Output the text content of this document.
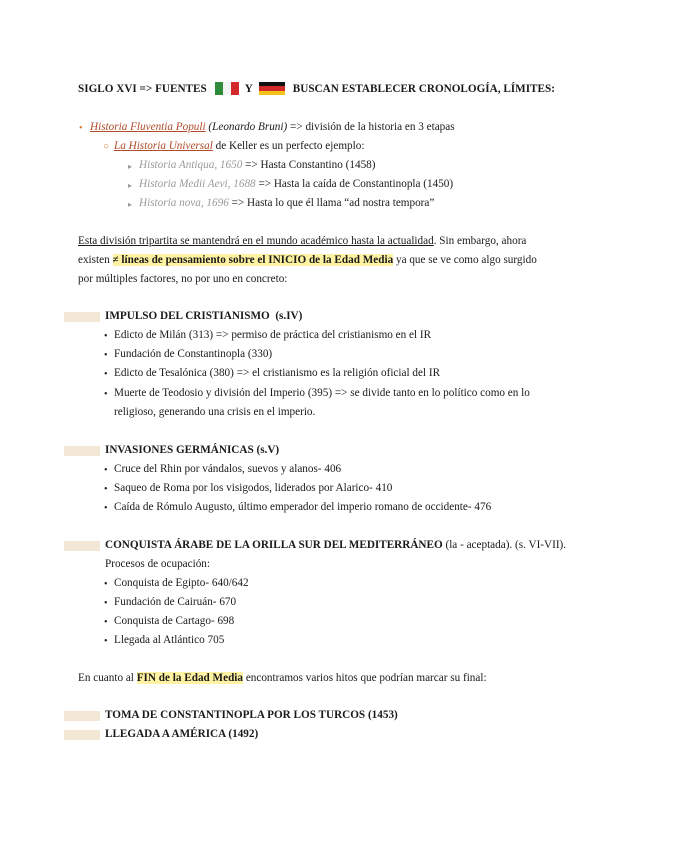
SIGLO XVI => FUENTES	Y	BUSCAN ESTABLECER CRONOLOGÍA, LÍMITES:
• Historia Fluventia Populi (Leonardo Bruni) => división de la historia en 3 etapas
○ La Historia Universal de Keller es un perfecto ejemplo:
▸ Historia Antiqua, 1650 => Hasta Constantino (1458)
▸ Historia Medii Aevi, 1688 => Hasta la caída de Constantinopla (1450)
▸ Historia nova, 1696 => Hasta lo que él llama “ad nostra tempora”
Esta división tripartita se mantendrá en el mundo académico hasta la actualidad. Sin embargo, ahora
existen ≠ líneas de pensamiento sobre el INICIO de la Edad Media ya que se ve como algo surgido
por múltiples factores, no por uno en concreto:
IMPULSO DEL CRISTIANISMO  (s.IV)
• Edicto de Milán (313) => permiso de práctica del cristianismo en el IR
• Fundación de Constantinopla (330)
• Edicto de Tesalónica (380) => el cristianismo es la religión oficial del IR
• Muerte de Teodosio y división del Imperio (395) => se divide tanto en lo político como en lo
religioso, generando una crisis en el imperio.
INVASIONES GERMÁNICAS (s.V)
• Cruce del Rhin por vándalos, suevos y alanos- 406
• Saqueo de Roma por los visigodos, liderados por Alarico- 410
• Caída de Rómulo Augusto, último emperador del imperio romano de occidente- 476
CONQUISTA ÁRABE DE LA ORILLA SUR DEL MEDITERRÁNEO (la - aceptada). (s. VI-VII).
Procesos de ocupación:
• Conquista de Egipto- 640/642
• Fundación de Cairuán- 670
• Conquista de Cartago- 698
• Llegada al Atlántico 705
En cuanto al FIN de la Edad Media encontramos varios hitos que podrían marcar su final:
TOMA DE CONSTANTINOPLA POR LOS TURCOS (1453)
LLEGADA A AMÉRICA (1492)
